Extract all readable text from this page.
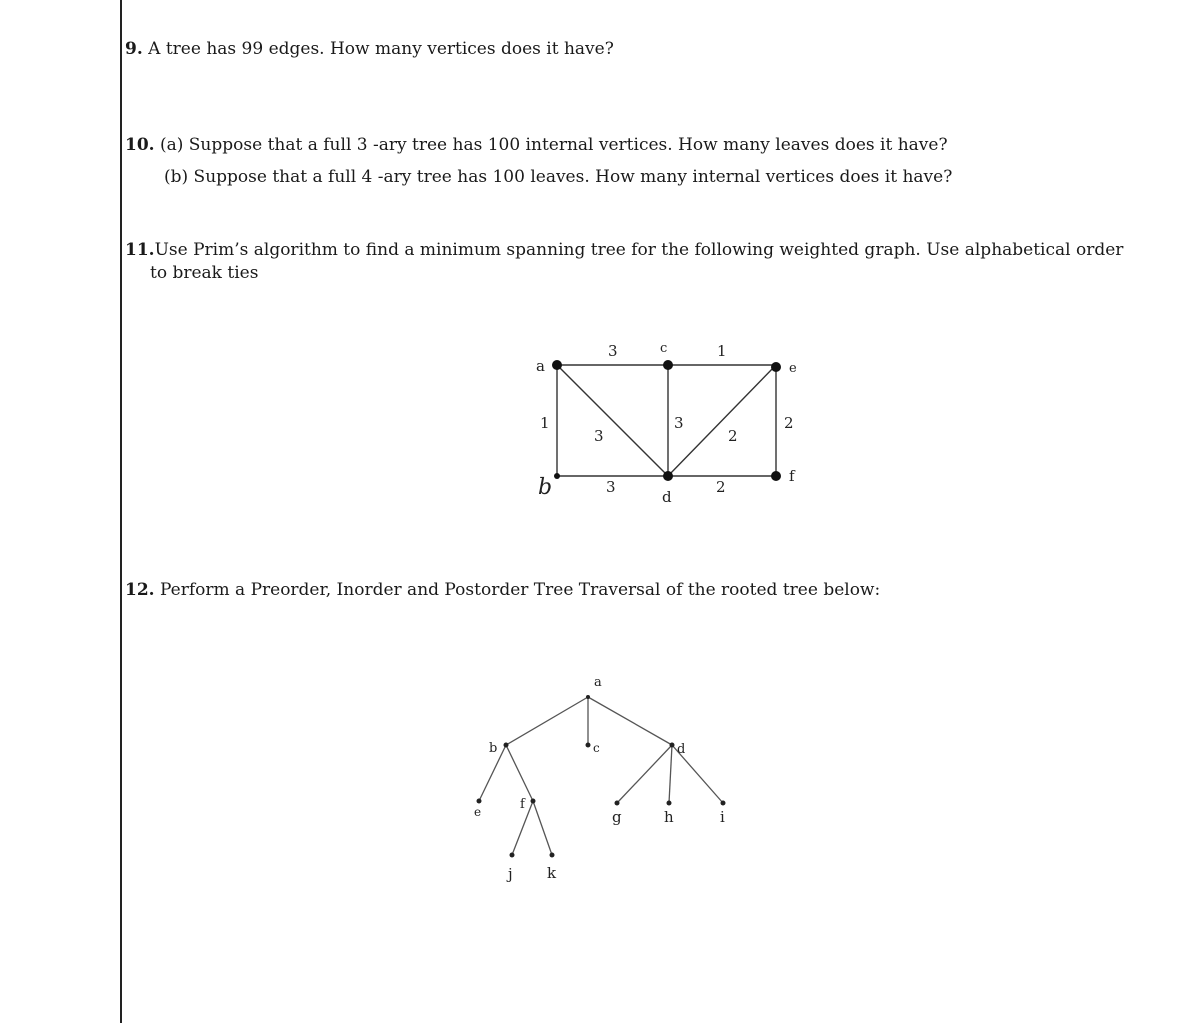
9. A tree has 99 edges. How many vertices does it have?
10. (a) Suppose that a full 3 -ary tree has 100 internal vertices. How many leaves does it have?
(b) Suppose that a full 4 -ary tree has 100 leaves. How many internal vertices does it have?
11.Use Prim’s algorithm to find a minimum spanning tree for the following weighted graph. Use alphabetical order
to break ties
a
b
c
d
e
f
3	1
1
3
3
2
2
3	2
a
b	c	d
e	f
g	h	i
j k
12. Perform a Preorder, Inorder and Postorder Tree Traversal of the rooted tree below:
